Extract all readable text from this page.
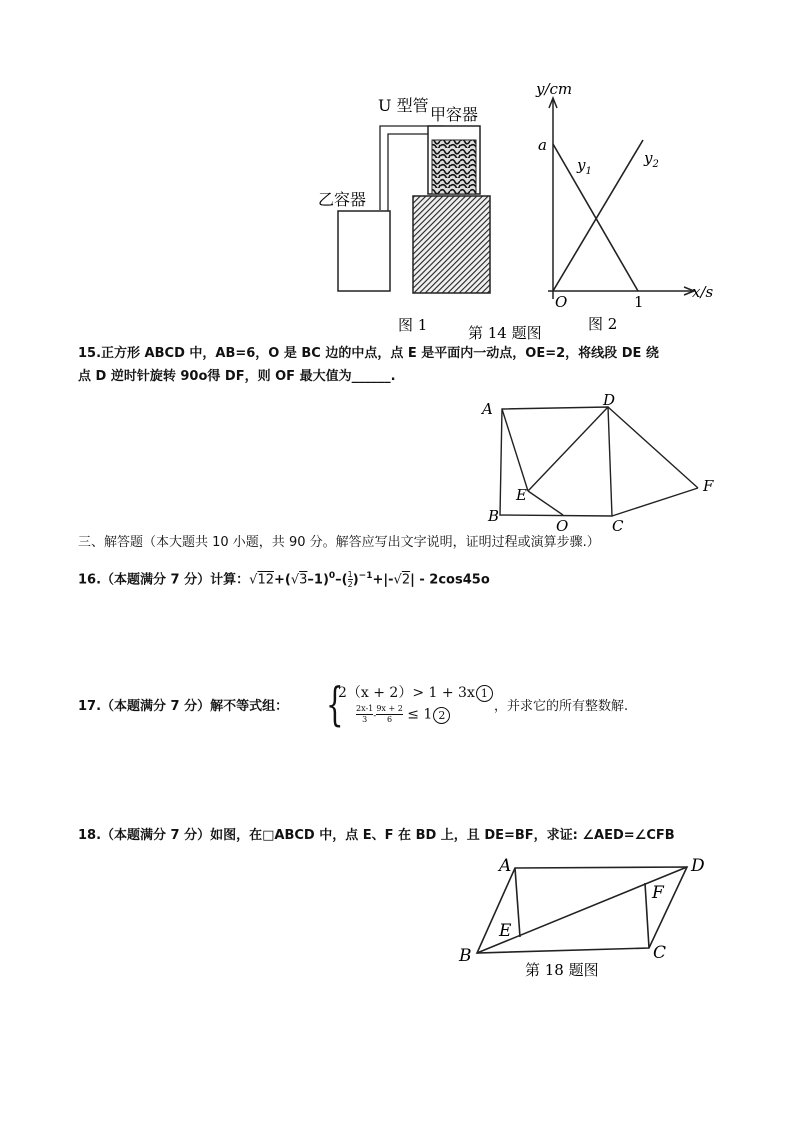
U 型管 甲容器
乙容器
图 1	第 14 题图	图 2
y/cm
x/s
a
$y_1$
$y_2$
O	1
15.正方形 ABCD 中，AB=6，O 是 BC 边的中点，点 E 是平面内一动点，OE=2，将线段 DE 绕
点 D 逆时针旋转 90o得 DF，则 OF 最大值为______.
A	D
E	F
B
O	C
三、解答题（本大题共 10 小题，共 90 分。解答应写出文字说明，证明过程或演算步骤.）
16.（本题满分 7 分）计算：$√12+(√3-1)^0-( \frac{1}{2} )^{-1}+|-√2| - 2\cos 45o$
17.（本题满分 7 分）解不等式组： {
2（x + 2）> 1 + 3x 1
$\frac{2x-1}{3} - \frac{9x + 2}{6} \le 1$ 2
，并求它的所有整数解.
18.（本题满分 7 分）如图，在□ABCD 中，点 E、F 在 BD 上，且 DE=BF，求证: ∠AED=∠CFB
A	D
F
E
B	C
第 18 题图
